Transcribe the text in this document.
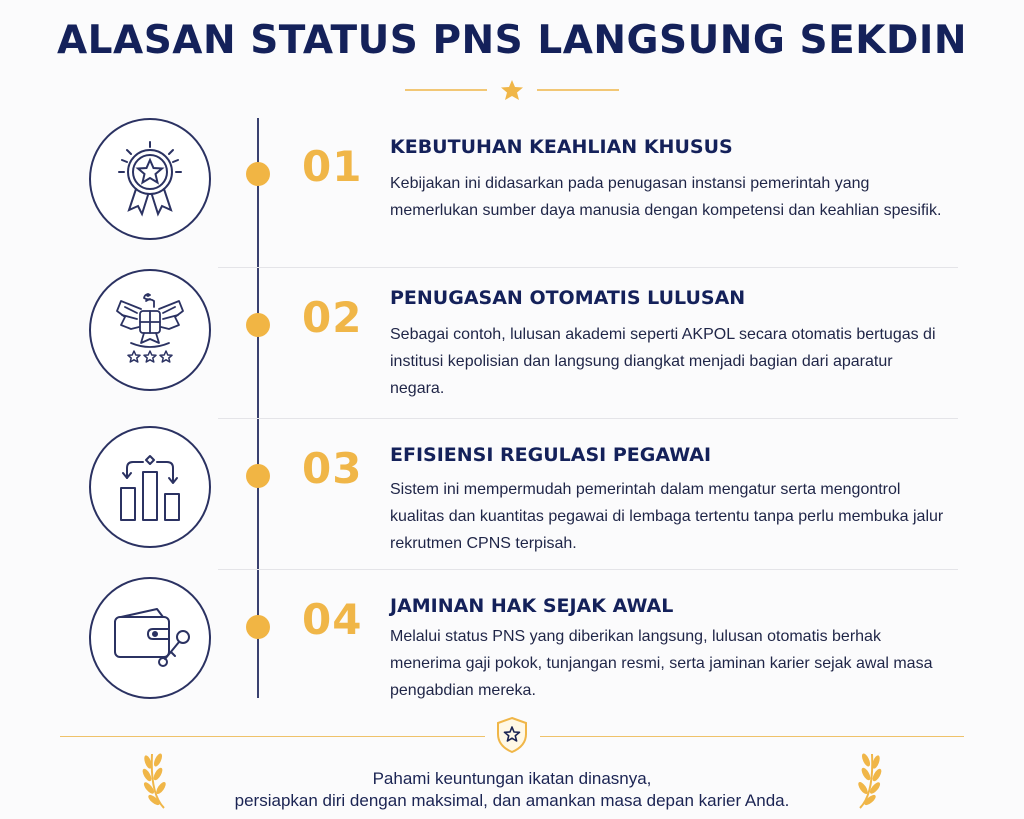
ALASAN STATUS PNS LANGSUNG SEKDIN
01	KEBUTUHAN KEAHLIAN KHUSUS
Kebijakan ini didasarkan pada penugasan instansi pemerintah yang memerlukan sumber daya manusia dengan kompetensi dan keahlian spesifik.
02	PENUGASAN OTOMATIS LULUSAN
Sebagai contoh, lulusan akademi seperti AKPOL secara otomatis bertugas di institusi kepolisian dan langsung diangkat menjadi bagian dari aparatur negara.
03	EFISIENSI REGULASI PEGAWAI
Sistem ini mempermudah pemerintah dalam mengatur serta mengontrol kualitas dan kuantitas pegawai di lembaga tertentu tanpa perlu membuka jalur rekrutmen CPNS terpisah.
04	JAMINAN HAK SEJAK AWAL
Melalui status PNS yang diberikan langsung, lulusan otomatis berhak menerima gaji pokok, tunjangan resmi, serta jaminan karier sejak awal masa pengabdian mereka.
Pahami keuntungan ikatan dinasnya,
persiapkan diri dengan maksimal, dan amankan masa depan karier Anda.
